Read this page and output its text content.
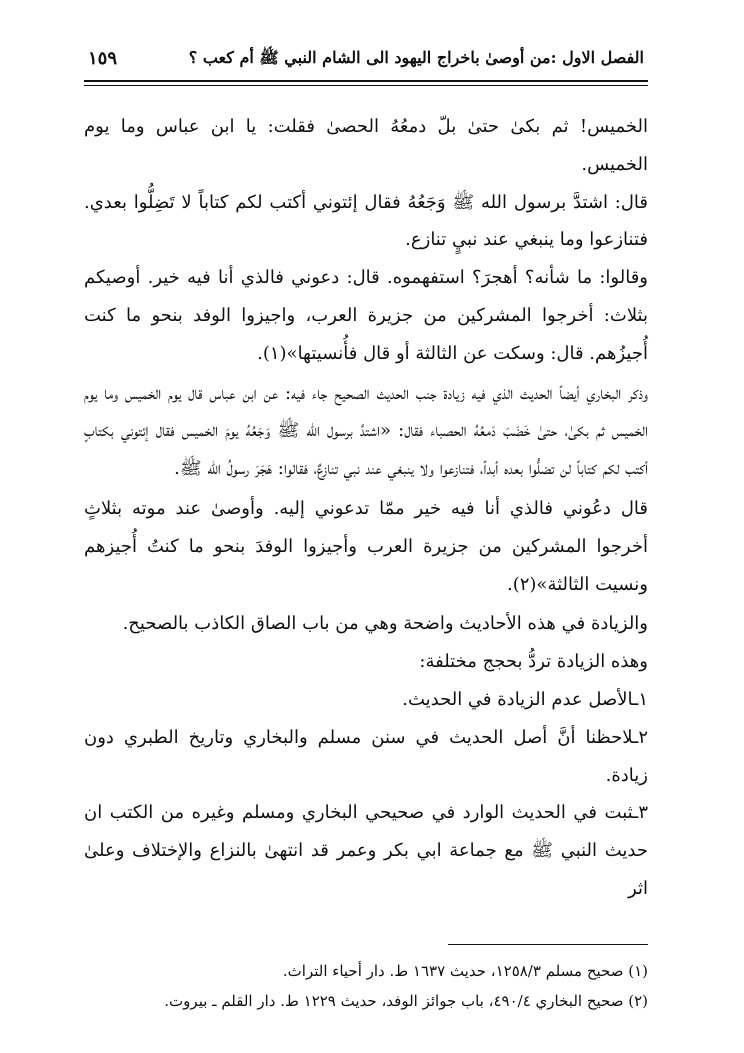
الفصل الاول :من أوصىٰ باخراج اليهود الى الشام النبي ﷺ أم كعب ؟
١٥٩

الخميس! ثم بكىٰ حتىٰ بلّ دمعُهُ الحصىٰ فقلت: يا ابن عباس وما يوم الخميس.

قال: اشتدَّ برسول الله ﷺ وَجَعُهُ فقال إئتوني أكتب لكم كتاباً لا تَضِلُّوا بعدي. فتنازعوا وما ينبغي عند نبيٍ تنازع.

وقالوا: ما شأنه؟ أهجرَ؟ استفهموه. قال: دعوني فالذي أنا فيه خير. أوصيكم بثلاث: أخرجوا المشركين من جزيرة العرب، واجيزوا الوفد بنحو ما كنت أُجيزُهم. قال: وسكت عن الثالثة أو قال فأُنسيتها»(١).

وذكر البخاري أيضاً الحديث الذي فيه زيادة جنب الحديث الصحيح جاء فيه: عن ابن عباس قال يوم الخميس وما يوم الخميس ثم بكىٰ، حتىٰ خَضَبَ دَمعُهُ الحصباء فقال: «اشتدَّ برسول الله ﷺ وَجَعُهُ يومَ الخميس فقال إئتوني بكتابٍ أكتب لكم كتاباً لن تضلُّوا بعده أبداً، فتنازعوا ولا ينبغي عند نبي تنازعٌ، فقالوا: هَجَرَ رسولُ الله ﷺ.

قال دعُوني فالذي أنا فيه خير ممّا تدعوني إليه. وأوصىٰ عند موته بثلاثٍ أخرجوا المشركين من جزيرة العرب وأجيزوا الوفدَ بنحو ما كنتُ أُجيزهم ونسيت الثالثة»(٢).

والزيادة في هذه الأحاديث واضحة وهي من باب الصاق الكاذب بالصحيح.

وهذه الزيادة تردُّ بحجج مختلفة:

١ـالأصل عدم الزيادة في الحديث.

٢ـلاحظنا أنَّ أصل الحديث في سنن مسلم والبخاري وتاريخ الطبري دون زيادة.

٣ـثبت في الحديث الوارد في صحيحي البخاري ومسلم وغيره من الكتب ان حديث النبي ﷺ مع جماعة ابي بكر وعمر قد انتهىٰ بالنزاع والإختلاف وعلىٰ اثر

(١) صحيح مسلم ١٢٥٨/٣، حديث ١٦٣٧ ط. دار أحياء التراث.
(٢) صحيح البخاري ٤٩٠/٤، باب جوائز الوفد، حديث ١٢٢٩ ط. دار القلم ـ بيروت.
